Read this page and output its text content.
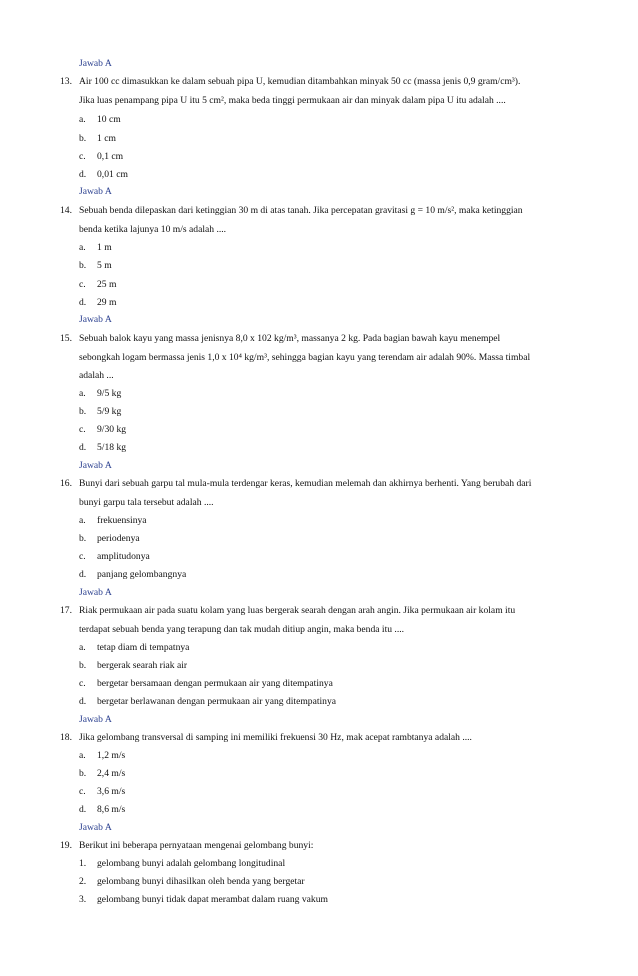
Jawab A
13. Air 100 cc dimasukkan ke dalam sebuah pipa U, kemudian ditambahkan minyak 50 cc (massa jenis 0,9 gram/cm³).
Jika luas penampang pipa U itu 5 cm², maka beda tinggi permukaan air dan minyak dalam pipa U itu adalah ....
a. 10 cm
b. 1 cm
c. 0,1 cm
d. 0,01 cm
Jawab A
14. Sebuah benda dilepaskan dari ketinggian 30 m di atas tanah. Jika percepatan gravitasi g = 10 m/s², maka ketinggian
benda ketika lajunya 10 m/s adalah ....
a. 1 m
b. 5 m
c. 25 m
d. 29 m
Jawab A
15. Sebuah balok kayu yang massa jenisnya 8,0 x 102 kg/m³, massanya 2 kg. Pada bagian bawah kayu menempel
sebongkah logam bermassa jenis 1,0 x 10⁴ kg/m³, sehingga bagian kayu yang terendam air adalah 90%. Massa timbal
adalah ...
a. 9/5 kg
b. 5/9 kg
c. 9/30 kg
d. 5/18 kg
Jawab A
16. Bunyi dari sebuah garpu tal mula-mula terdengar keras, kemudian melemah dan akhirnya berhenti. Yang berubah dari
bunyi garpu tala tersebut adalah ....
a. frekuensinya
b. periodenya
c. amplitudonya
d. panjang gelombangnya
Jawab A
17. Riak permukaan air pada suatu kolam yang luas bergerak searah dengan arah angin. Jika permukaan air kolam itu
terdapat sebuah benda yang terapung dan tak mudah ditiup angin, maka benda itu ....
a. tetap diam di tempatnya
b. bergerak searah riak air
c. bergetar bersamaan dengan permukaan air yang ditempatinya
d. bergetar berlawanan dengan permukaan air yang ditempatinya
Jawab A
18. Jika gelombang transversal di samping ini memiliki frekuensi 30 Hz, mak acepat rambtanya adalah ....
a. 1,2 m/s
b. 2,4 m/s
c. 3,6 m/s
d. 8,6 m/s
Jawab A
19. Berikut ini beberapa pernyataan mengenai gelombang bunyi:
1. gelombang bunyi adalah gelombang longitudinal
2. gelombang bunyi dihasilkan oleh benda yang bergetar
3. gelombang bunyi tidak dapat merambat dalam ruang vakum
